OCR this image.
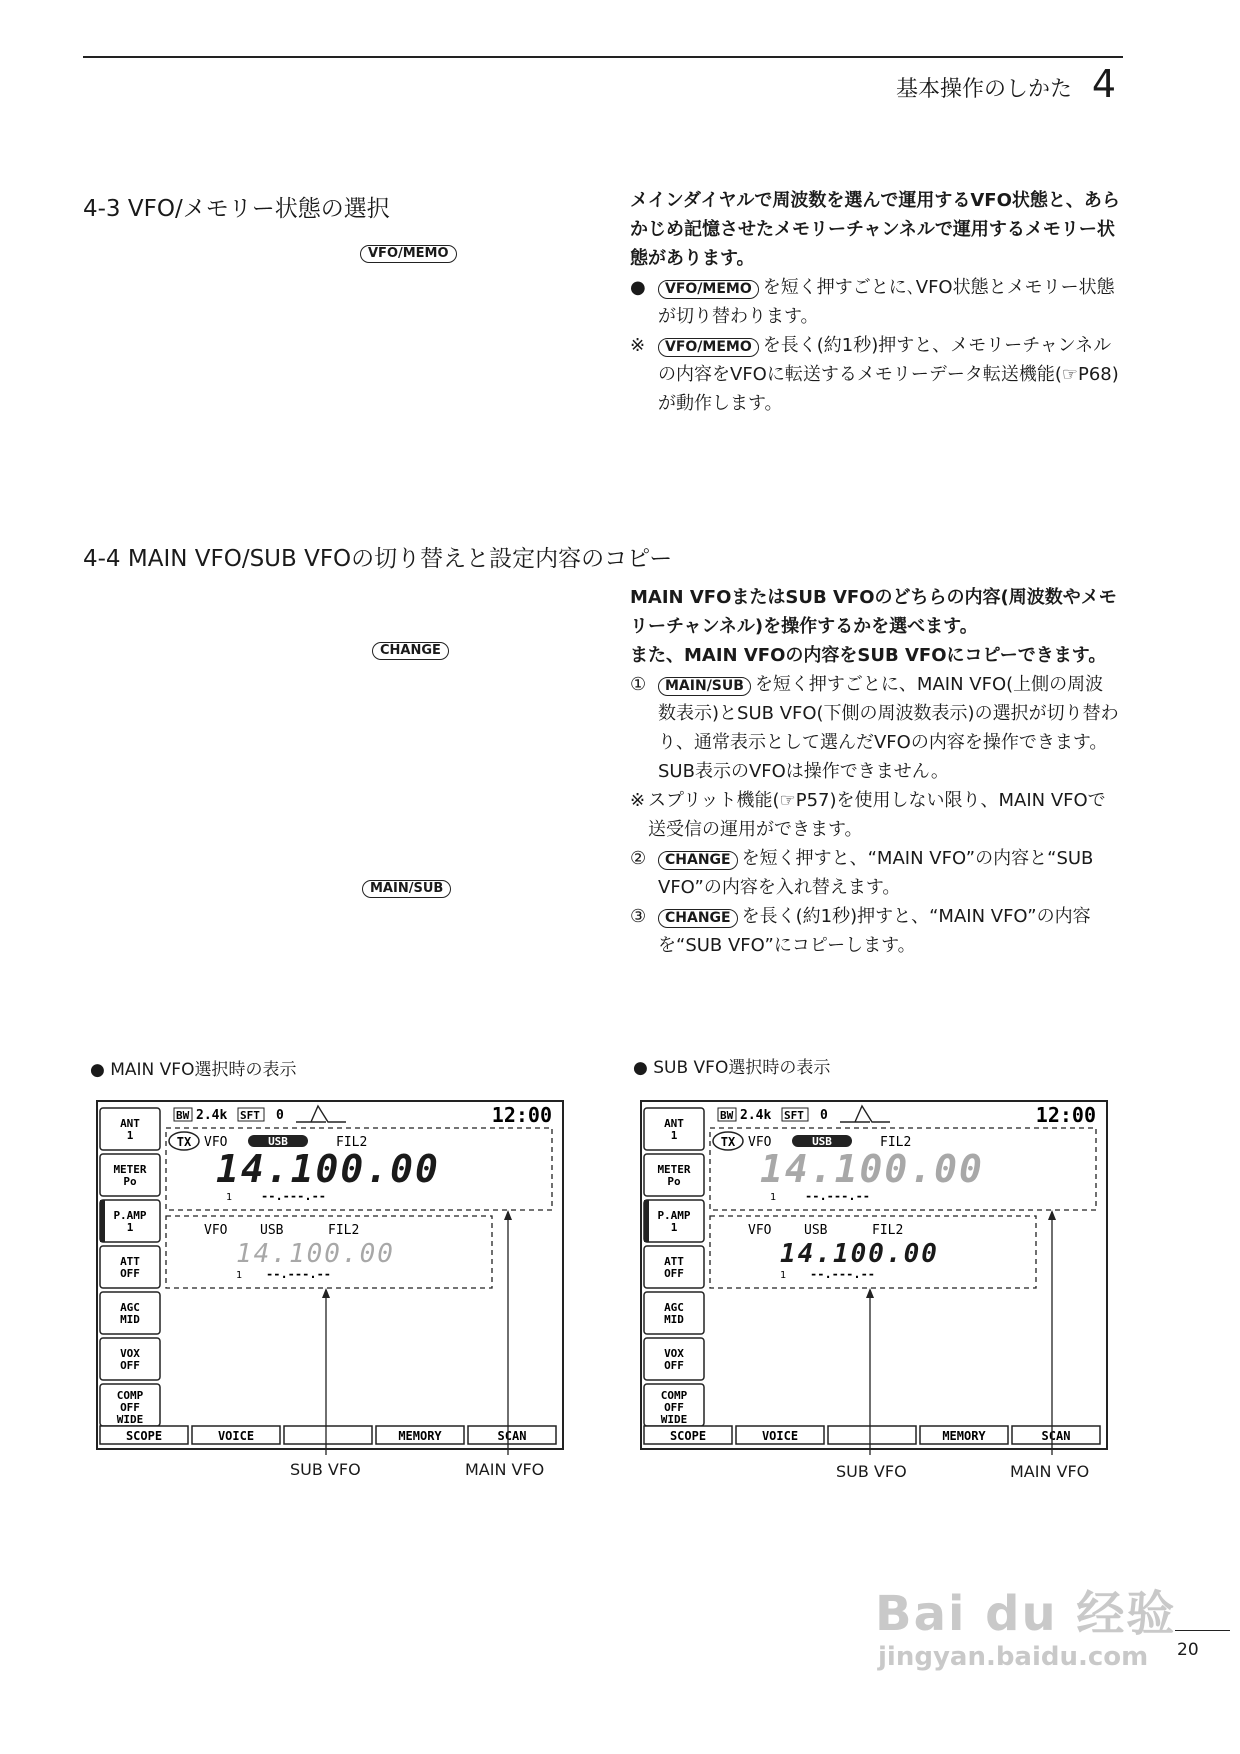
基本操作のしかた 4
4-3 VFO/メモリー状態の選択
VFO/MEMO
メインダイヤルで周波数を選んで運用するVFO状態と、あらかじめ記憶させたメモリーチャンネルで運用するメモリー状態があります。
● VFO/MEMO を短く押すごとに､VFO状態とメモリー状態が切り替わります。
※ VFO/MEMO を長く(約1秒)押すと、メモリーチャンネルの内容をVFOに転送するメモリーデータ転送機能(☞P68)が動作します。
4-4 MAIN VFO/SUB VFOの切り替えと設定内容のコピー
CHANGE
MAIN/SUB
MAIN VFOまたはSUB VFOのどちらの内容(周波数やメモリーチャンネル)を操作するかを選べます。
また、MAIN VFOの内容をSUB VFOにコピーできます。
① MAIN/SUB を短く押すごとに、MAIN VFO(上側の周波数表示)とSUB VFO(下側の周波数表示)の選択が切り替わり、通常表示として選んだVFOの内容を操作できます。SUB表示のVFOは操作できません。
※ スプリット機能(☞P57)を使用しない限り、MAIN VFOで送受信の運用ができます。
② CHANGE を短く押すと、“MAIN VFO”の内容と“SUB VFO”の内容を入れ替えます。
③ CHANGE を長く(約1秒)押すと、“MAIN VFO”の内容を“SUB VFO”にコピーします。
● MAIN VFO選択時の表示	● SUB VFO選択時の表示
ANT
1
METER
Po
P.AMP
1
ATT
OFF
AGC
MID
VOX
OFF
COMP
OFF
WIDE
BW 2.4k SFT 0	12:00
TX VFO	USB	FIL2
14.100.00
1 --.---.--
VFO	USB	FIL2
14.100.00
1 --.---.--
SCOPE	VOICE	MEMORY	SCAN
ANT
1
METER
Po
P.AMP
1
ATT
OFF
AGC
MID
VOX
OFF
COMP
OFF
WIDE
BW 2.4k SFT 0	12:00
TX VFO	USB	FIL2
14.100.00
1 --.---.--
VFO	USB	FIL2
14.100.00
1 --.---.--
SCOPE	VOICE	MEMORY	SCAN
SUB VFO	MAIN VFO	SUB VFO	MAIN VFO
20
Bai du 经验
jingyan.baidu.com
